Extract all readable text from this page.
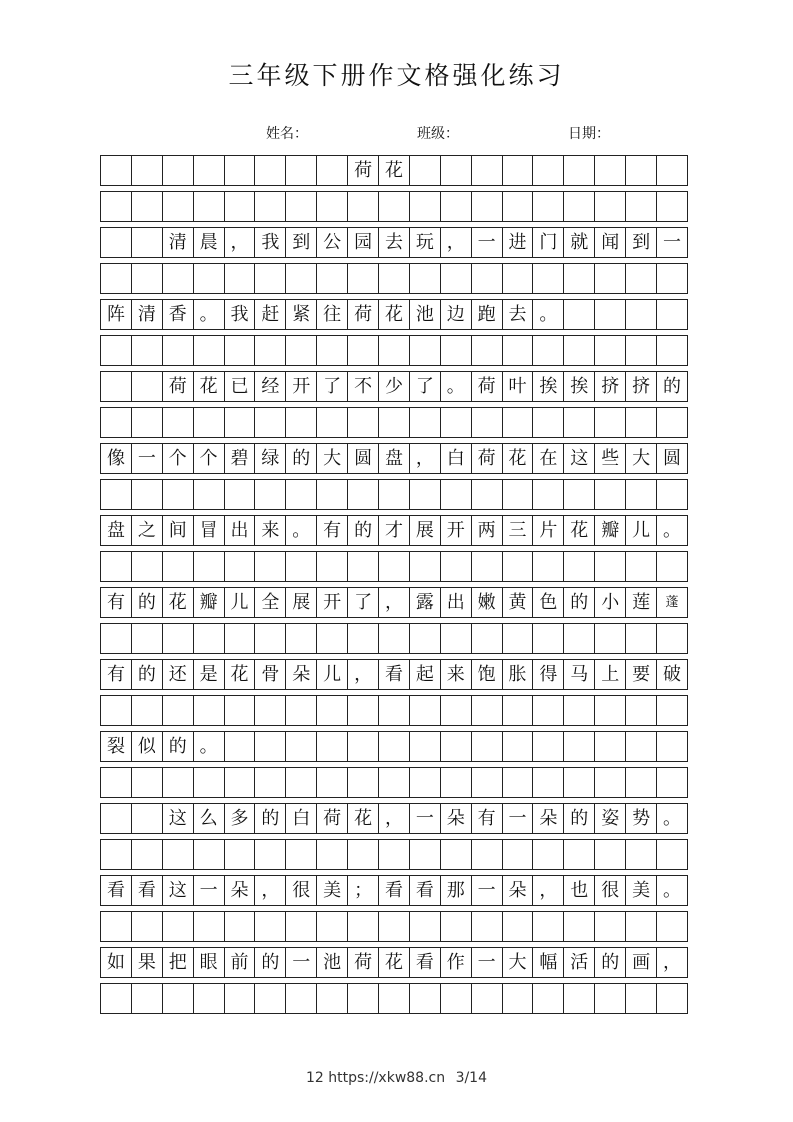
三年级下册作文格强化练习
姓名：	班级：	日期：
荷 花
清 晨 ， 我 到 公 园 去 玩 ， 一 进 门 就 闻 到 一
阵 清 香 。 我 赶 紧 往 荷 花 池 边 跑 去 。
荷 花 已 经 开 了 不 少 了 。 荷 叶 挨 挨 挤 挤 的
像 一 个 个 碧 绿 的 大 圆 盘 ， 白 荷 花 在 这 些 大 圆
盘 之 间 冒 出 来 。 有 的 才 展 开 两 三 片 花 瓣 儿 。
有 的 花 瓣 儿 全 展 开 了 ， 露 出 嫩 黄 色 的 小 莲	蓬
有 的 还 是 花 骨 朵 儿 ， 看 起 来 饱 胀 得 马 上 要 破
裂 似 的 。
这 么 多 的 白 荷 花 ， 一 朵 有 一 朵 的 姿 势 。
看 看 这 一 朵 ， 很 美 ； 看 看 那 一 朵 ， 也 很 美 。
如 果 把 眼 前 的 一 池 荷 花 看 作 一 大 幅 活 的 画 ，
12 https://xkw88.cn 3/14
